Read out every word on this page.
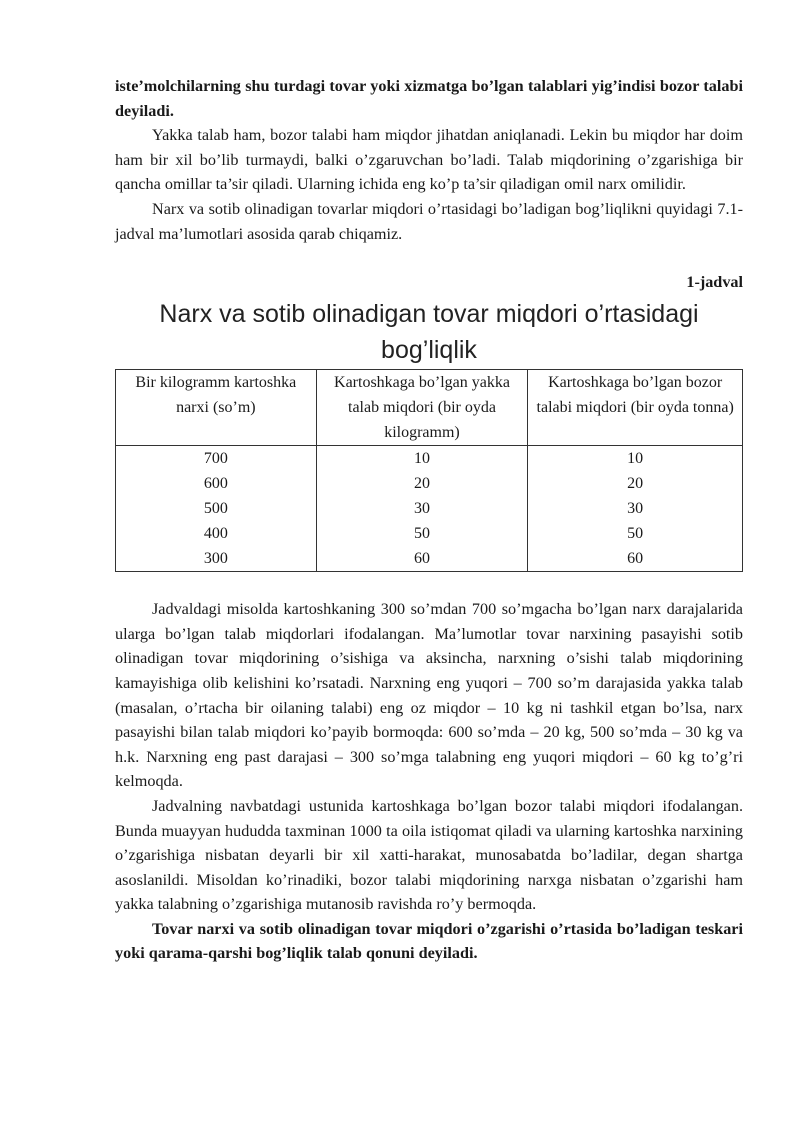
iste’molchilarning shu turdagi tovar yoki xizmatga bo’lgan talablari yig’indisi bozor talabi deyiladi.

Yakka talab ham, bozor talabi ham miqdor jihatdan aniqlanadi. Lekin bu miqdor har doim ham bir xil bo’lib turmaydi, balki o’zgaruvchan bo’ladi. Talab miqdorining o’zgarishiga bir qancha omillar ta’sir qiladi. Ularning ichida eng ko’p ta’sir qiladigan omil narx omilidir.

Narx va sotib olinadigan tovarlar miqdori o’rtasidagi bo’ladigan bog’liqlikni quyidagi 7.1-jadval ma’lumotlari asosida qarab chiqamiz.

1-jadval
Narx va sotib olinadigan tovar miqdori o’rtasidagi bog’liqlik
Bir kilogramm kartoshka narxi (so’m)	Kartoshkaga bo’lgan yakka talab miqdori (bir oyda kilogramm)	Kartoshkaga bo’lgan bozor talabi miqdori (bir oyda tonna)
700	10	10
600	20	20
500	30	30
400	50	50
300	60	60

Jadvaldagi misolda kartoshkaning 300 so’mdan 700 so’mgacha bo’lgan narx darajalarida ularga bo’lgan talab miqdorlari ifodalangan. Ma’lumotlar tovar narxining pasayishi sotib olinadigan tovar miqdorining o’sishiga va aksincha, narxning o’sishi talab miqdorining kamayishiga olib kelishini ko’rsatadi. Narxning eng yuqori – 700 so’m darajasida yakka talab (masalan, o’rtacha bir oilaning talabi) eng oz miqdor – 10 kg ni tashkil etgan bo’lsa, narx pasayishi bilan talab miqdori ko’payib bormoqda: 600 so’mda – 20 kg, 500 so’mda – 30 kg va h.k. Narxning eng past darajasi – 300 so’mga talabning eng yuqori miqdori – 60 kg to’g’ri kelmoqda.

Jadvalning navbatdagi ustunida kartoshkaga bo’lgan bozor talabi miqdori ifodalangan. Bunda muayyan hududda taxminan 1000 ta oila istiqomat qiladi va ularning kartoshka narxining o’zgarishiga nisbatan deyarli bir xil xatti-harakat, munosabatda bo’ladilar, degan shartga asoslanildi. Misoldan ko’rinadiki, bozor talabi miqdorining narxga nisbatan o’zgarishi ham yakka talabning o’zgarishiga mutanosib ravishda ro’y bermoqda.

Tovar narxi va sotib olinadigan tovar miqdori o’zgarishi o’rtasida bo’ladigan teskari yoki qarama-qarshi bog’liqlik talab qonuni deyiladi.
